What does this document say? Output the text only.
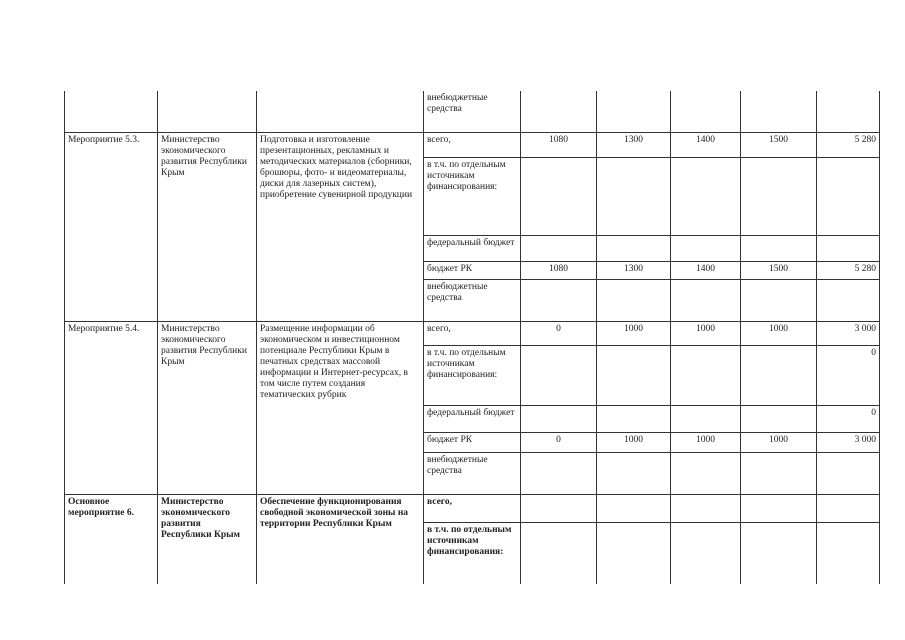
			внебюджетные средства					
Мероприятие 5.3.	Министерство экономического развития Республики Крым	Подготовка и изготовление презентационных, рекламных и методических материалов (сборники, брошюры, фото- и видеоматериалы, диски для лазерных систем), приобретение сувенирной продукции	всего,	1080	1300	1400	1500	5 280
			в т.ч. по отдельным источникам финансирования:					
			федеральный бюджет					
			бюджет РК	1080	1300	1400	1500	5 280
			внебюджетные средства					
Мероприятие 5.4.	Министерство экономического развития Республики Крым	Размещение информации об экономическом и инвестиционном потенциале Республики Крым в печатных средствах массовой информации и Интернет-ресурсах, в том числе путем создания тематических рубрик	всего,	0	1000	1000	1000	3 000
			в т.ч. по отдельным источникам финансирования:					0
			федеральный бюджет					0
			бюджет РК	0	1000	1000	1000	3 000
			внебюджетные средства					
Основное мероприятие 6.	Министерство экономического развития Республики Крым	Обеспечение функционирования свободной экономической зоны на территории Республики Крым	всего,					
			в т.ч. по отдельным источникам финансирования:					
